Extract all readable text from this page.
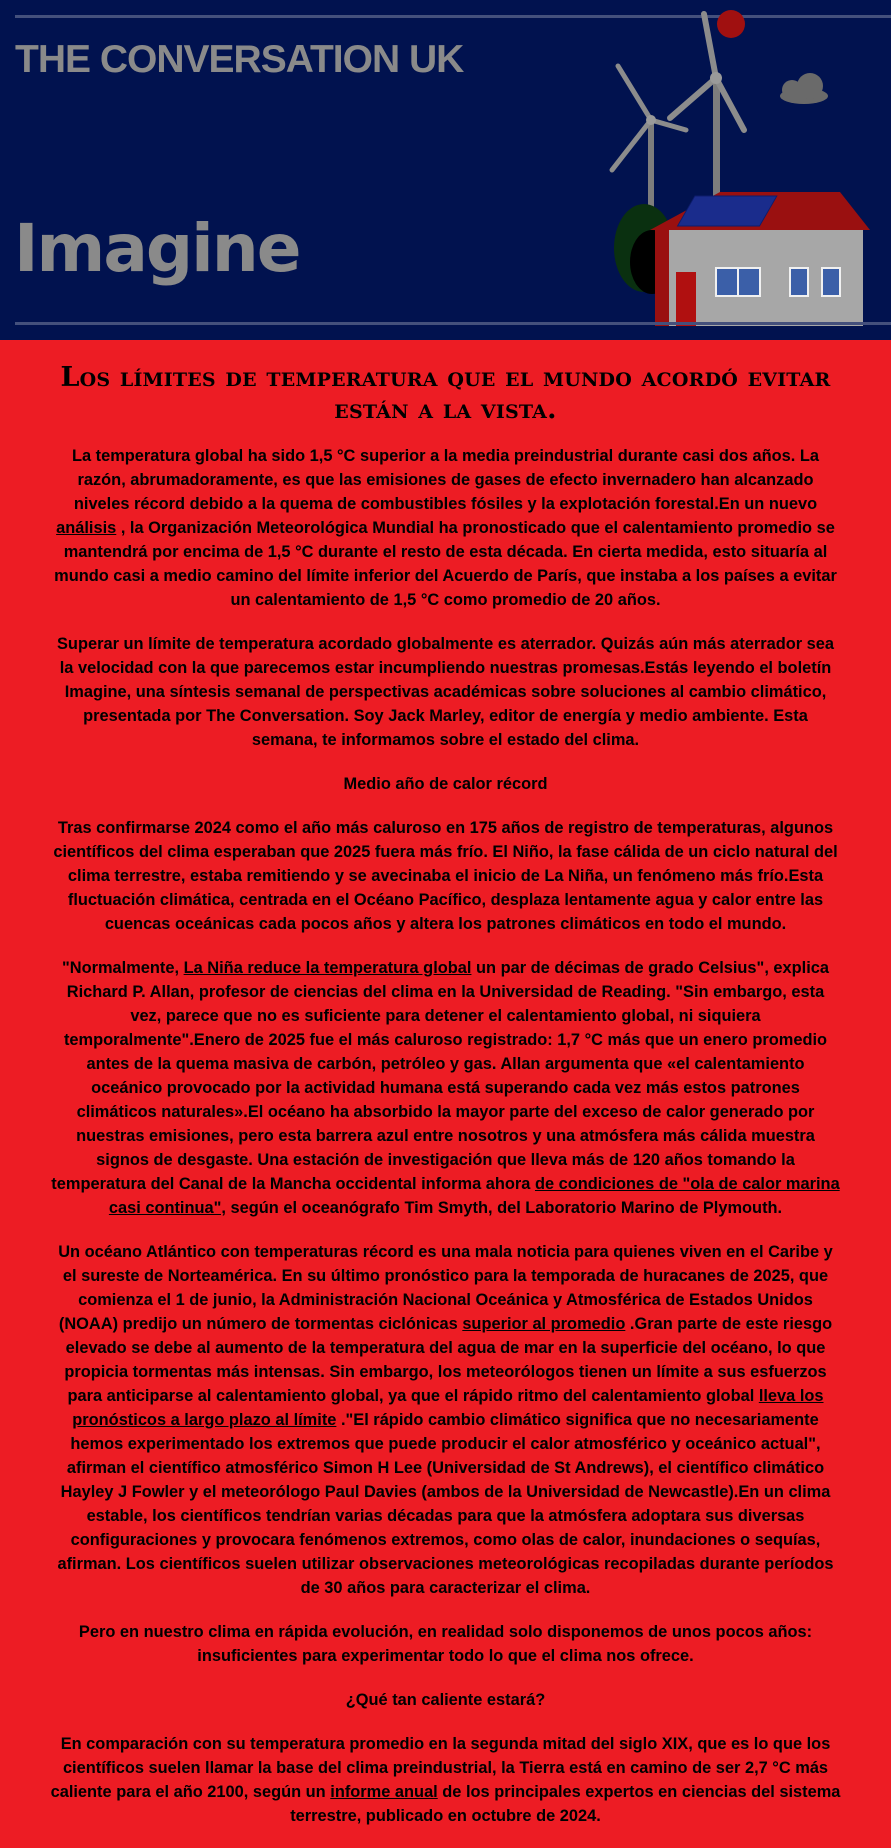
THE CONVERSATION UK
Imagine
Los límites de temperatura que el mundo acordó evitar están a la vista.

La temperatura global ha sido 1,5 °C superior a la media preindustrial durante casi dos años. La razón, abrumadoramente, es que las emisiones de gases de efecto invernadero han alcanzado niveles récord debido a la quema de combustibles fósiles y la explotación forestal.En un nuevo análisis , la Organización Meteorológica Mundial ha pronosticado que el calentamiento promedio se mantendrá por encima de 1,5 °C durante el resto de esta década. En cierta medida, esto situaría al mundo casi a medio camino del límite inferior del Acuerdo de París, que instaba a los países a evitar un calentamiento de 1,5 °C como promedio de 20 años.

Superar un límite de temperatura acordado globalmente es aterrador. Quizás aún más aterrador sea la velocidad con la que parecemos estar incumpliendo nuestras promesas.Estás leyendo el boletín Imagine, una síntesis semanal de perspectivas académicas sobre soluciones al cambio climático, presentada por The Conversation. Soy Jack Marley, editor de energía y medio ambiente. Esta semana, te informamos sobre el estado del clima.

Medio año de calor récord

Tras confirmarse 2024 como el año más caluroso en 175 años de registro de temperaturas, algunos científicos del clima esperaban que 2025 fuera más frío. El Niño, la fase cálida de un ciclo natural del clima terrestre, estaba remitiendo y se avecinaba el inicio de La Niña, un fenómeno más frío.Esta fluctuación climática, centrada en el Océano Pacífico, desplaza lentamente agua y calor entre las cuencas oceánicas cada pocos años y altera los patrones climáticos en todo el mundo.

"Normalmente, La Niña reduce la temperatura global un par de décimas de grado Celsius", explica Richard P. Allan, profesor de ciencias del clima en la Universidad de Reading. "Sin embargo, esta vez, parece que no es suficiente para detener el calentamiento global, ni siquiera temporalmente".Enero de 2025 fue el más caluroso registrado: 1,7 °C más que un enero promedio antes de la quema masiva de carbón, petróleo y gas. Allan argumenta que «el calentamiento oceánico provocado por la actividad humana está superando cada vez más estos patrones climáticos naturales».El océano ha absorbido la mayor parte del exceso de calor generado por nuestras emisiones, pero esta barrera azul entre nosotros y una atmósfera más cálida muestra signos de desgaste. Una estación de investigación que lleva más de 120 años tomando la temperatura del Canal de la Mancha occidental informa ahora de condiciones de "ola de calor marina casi continua", según el oceanógrafo Tim Smyth, del Laboratorio Marino de Plymouth.

Un océano Atlántico con temperaturas récord es una mala noticia para quienes viven en el Caribe y el sureste de Norteamérica. En su último pronóstico para la temporada de huracanes de 2025, que comienza el 1 de junio, la Administración Nacional Oceánica y Atmosférica de Estados Unidos (NOAA) predijo un número de tormentas ciclónicas superior al promedio .Gran parte de este riesgo elevado se debe al aumento de la temperatura del agua de mar en la superficie del océano, lo que propicia tormentas más intensas. Sin embargo, los meteorólogos tienen un límite a sus esfuerzos para anticiparse al calentamiento global, ya que el rápido ritmo del calentamiento global lleva los pronósticos a largo plazo al límite ."El rápido cambio climático significa que no necesariamente hemos experimentado los extremos que puede producir el calor atmosférico y oceánico actual", afirman el científico atmosférico Simon H Lee (Universidad de St Andrews), el científico climático Hayley J Fowler y el meteorólogo Paul Davies (ambos de la Universidad de Newcastle).En un clima estable, los científicos tendrían varias décadas para que la atmósfera adoptara sus diversas configuraciones y provocara fenómenos extremos, como olas de calor, inundaciones o sequías, afirman. Los científicos suelen utilizar observaciones meteorológicas recopiladas durante períodos de 30 años para caracterizar el clima.

Pero en nuestro clima en rápida evolución, en realidad solo disponemos de unos pocos años: insuficientes para experimentar todo lo que el clima nos ofrece.

¿Qué tan caliente estará?

En comparación con su temperatura promedio en la segunda mitad del siglo XIX, que es lo que los científicos suelen llamar la base del clima preindustrial, la Tierra está en camino de ser 2,7 °C más caliente para el año 2100, según un informe anual de los principales expertos en ciencias del sistema terrestre, publicado en octubre de 2024.
